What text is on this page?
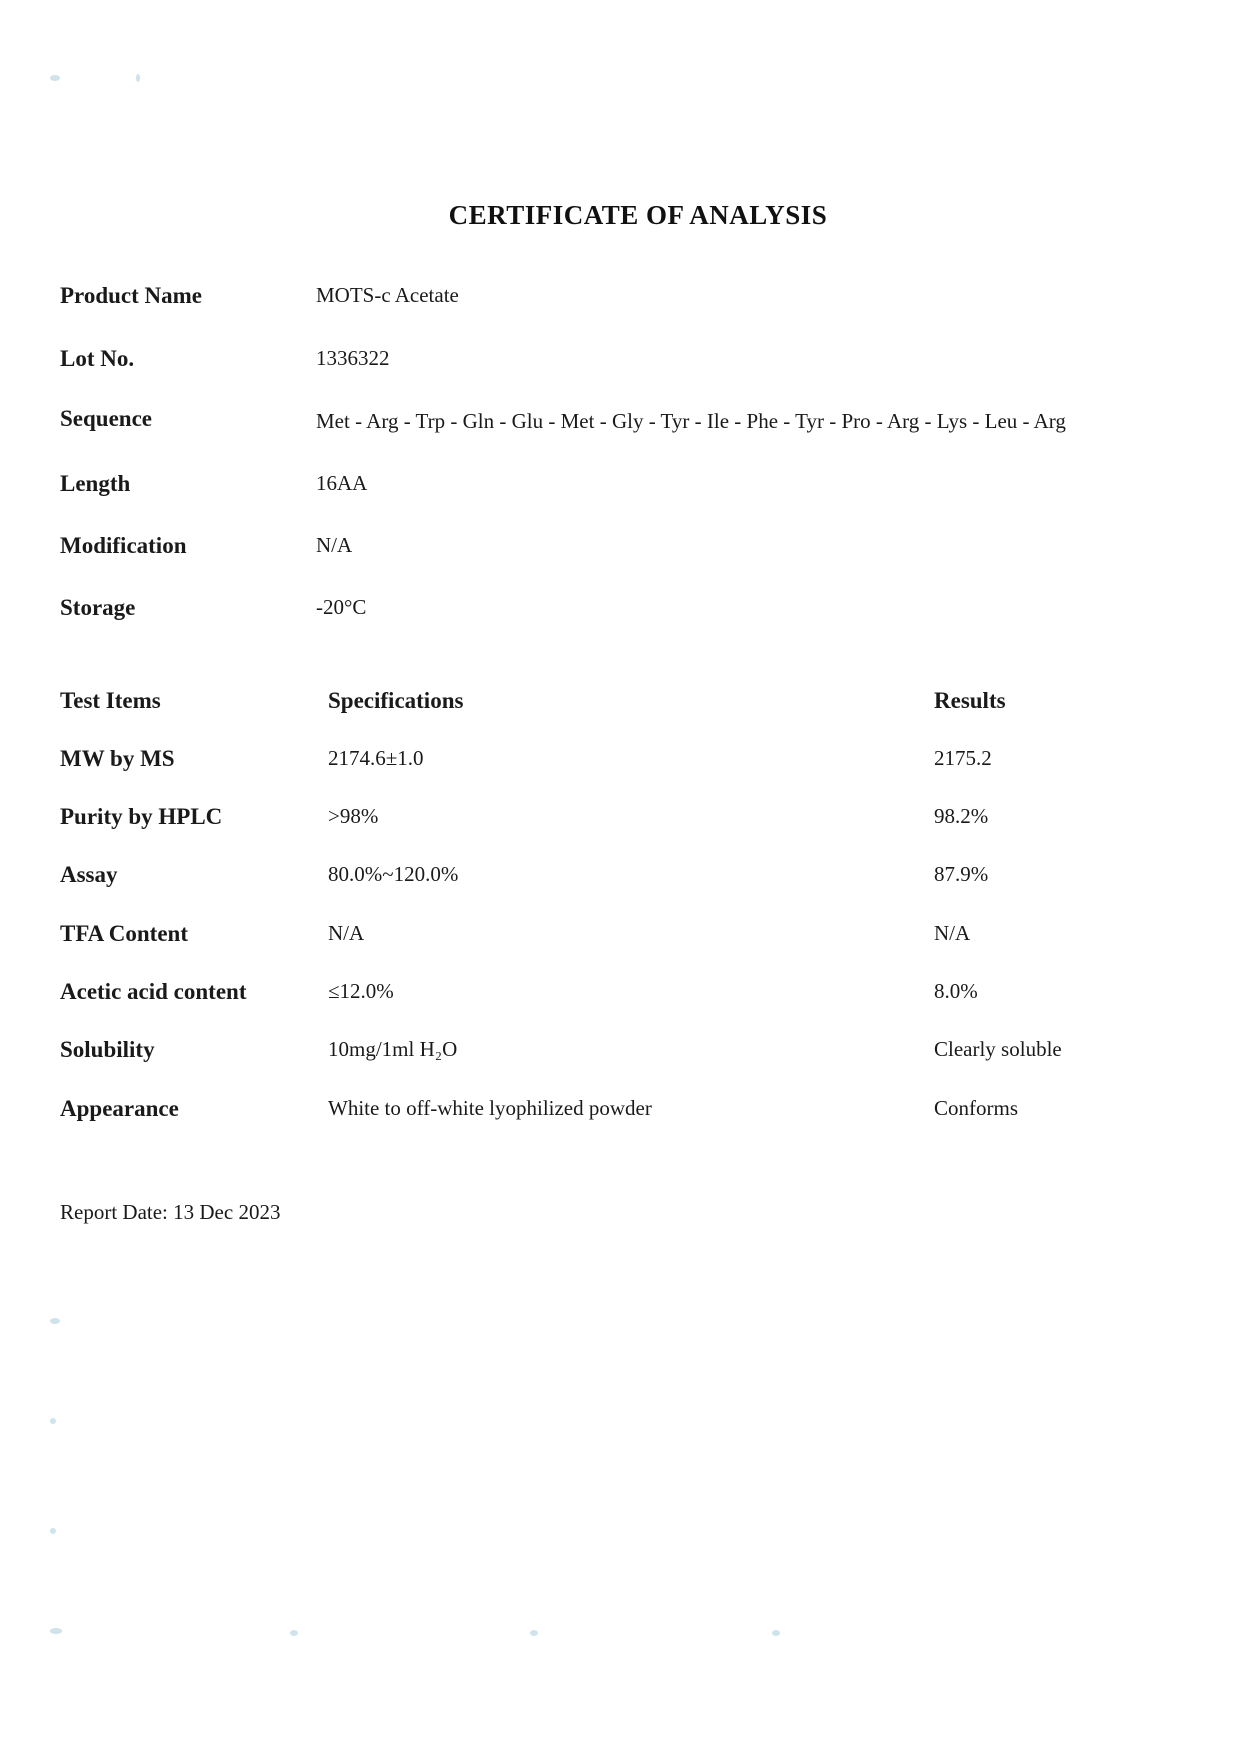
CERTIFICATE OF ANALYSIS
Product Name	MOTS-c Acetate
Lot No.	1336322
Sequence	Met - Arg - Trp - Gln - Glu - Met - Gly - Tyr - Ile - Phe - Tyr - Pro - Arg - Lys - Leu - Arg
Length	16AA
Modification	N/A
Storage	-20°C
Test Items	Specifications	Results
MW by MS	2174.6±1.0	2175.2
Purity by HPLC	>98%	98.2%
Assay	80.0%~120.0%	87.9%
TFA Content	N/A	N/A
Acetic acid content	≤12.0%	8.0%
Solubility	10mg/1ml H₂O	Clearly soluble
Appearance	White to off-white lyophilized powder	Conforms
Report Date: 13 Dec 2023
